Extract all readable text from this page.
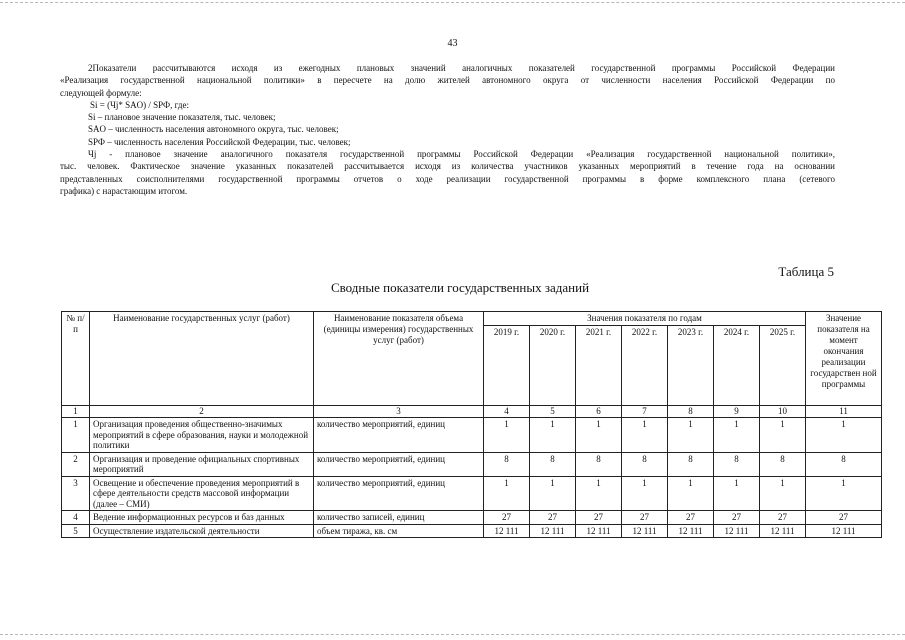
43

2Показатели рассчитываются исходя из ежегодных плановых значений аналогичных показателей государственной программы Российской Федерации

«Реализация государственной национальной политики» в пересчете на долю жителей автономного округа от численности населения Российской Федерации по

следующей формуле:

Si = (Чj* SAO) / SРФ, где:

Si – плановое значение показателя, тыс. человек;

SAO – численность населения автономного округа, тыс. человек;

SРФ – численность населения Российской Федерации, тыс. человек;

Чj - плановое значение аналогичного показателя государственной программы Российской Федерации «Реализация государственной национальной политики»,

тыс. человек. Фактическое значение указанных показателей рассчитывается исходя из количества участников указанных мероприятий в течение года на основании

представленных соисполнителями государственной программы отчетов о ходе реализации государственной программы в форме комплексного плана (сетевого

графика) с нарастающим итогом.

Таблица 5
Сводные показатели государственных заданий
№ п/п	Наименование государственных услуг (работ)	Наименование показателя объема (единицы измерения) государственных услуг (работ)	Значения показателя по годам							Значение показателя на момент окончания реализации государствен ной программы
			2019 г.	2020 г.	2021 г.	2022 г.	2023 г.	2024 г.	2025 г.	
1	2	3	4	5	6	7	8	9	10	11
1	Организация проведения общественно-значимых мероприятий в сфере образования, науки и молодежной политики	количество мероприятий, единиц	1	1	1	1	1	1	1	1
2	Организация и проведение официальных спортивных мероприятий	количество мероприятий, единиц	8	8	8	8	8	8	8	8
3	Освещение и обеспечение проведения мероприятий в сфере деятельности средств массовой информации (далее – СМИ)	количество мероприятий, единиц	1	1	1	1	1	1	1	1
4	Ведение информационных ресурсов и баз данных	количество записей, единиц	27	27	27	27	27	27	27	27
5	Осуществление издательской деятельности	объем тиража, кв. см	12 111	12 111	12 111	12 111	12 111	12 111	12 111	12 111
